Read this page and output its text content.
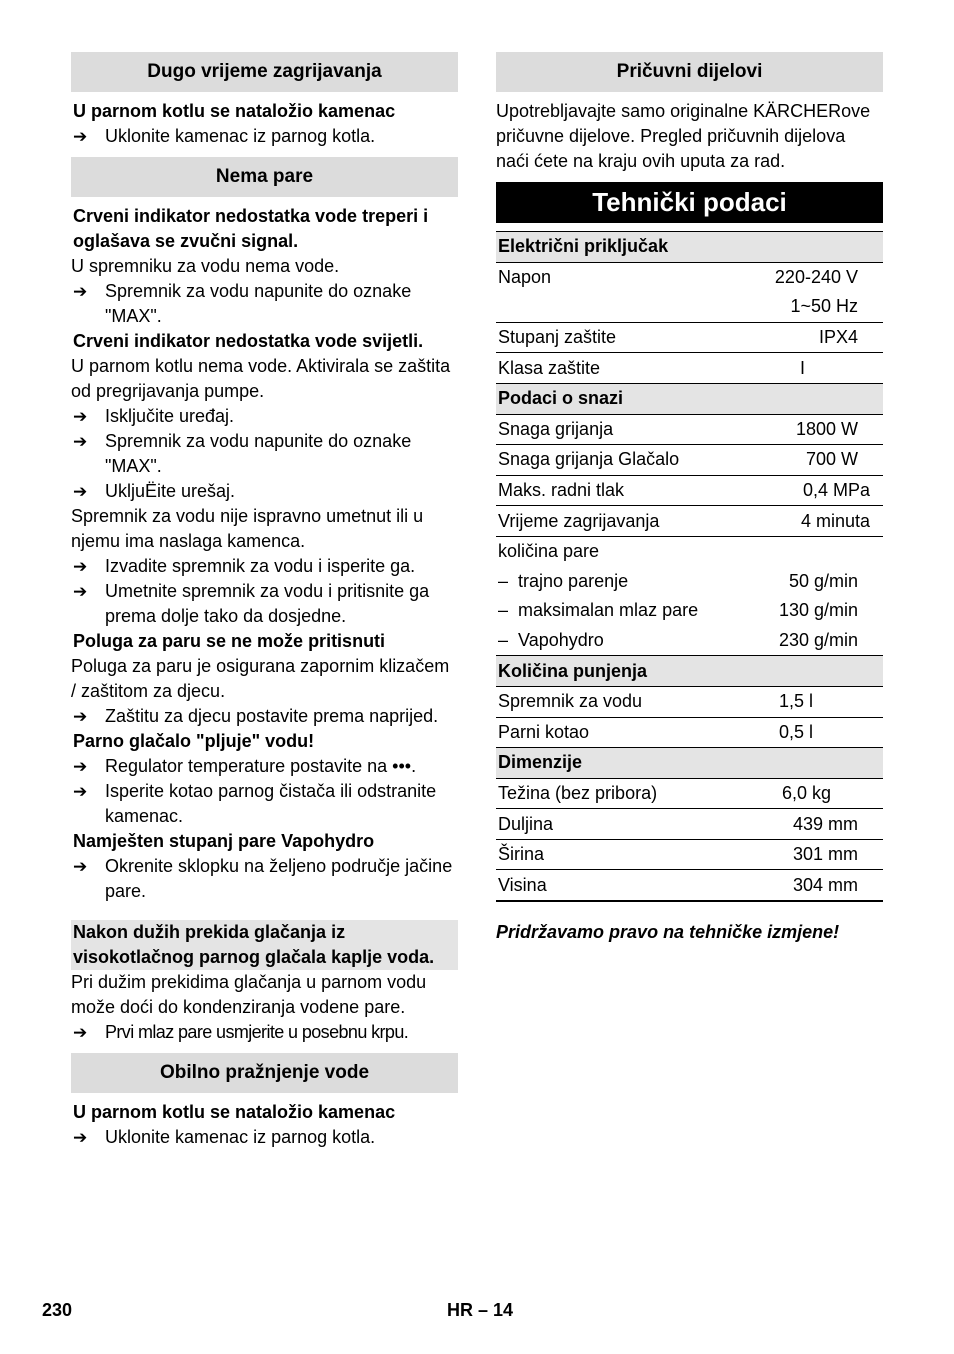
Dugo vrijeme zagrijavanja
U parnom kotlu se nataložio kamenac
➔ Uklonite kamenac iz parnog kotla.
Nema pare
Crveni indikator nedostatka vode treperi i oglašava se zvučni signal.
U spremniku za vodu nema vode.
➔ Spremnik za vodu napunite do oznake "MAX".
Crveni indikator nedostatka vode svijetli.
U parnom kotlu nema vode. Aktivirala se zaštita od pregrijavanja pumpe.
➔ Isključite uređaj.
➔ Spremnik za vodu napunite do oznake "MAX".
➔ UkljuËite urešaj.
Spremnik za vodu nije ispravno umetnut ili u njemu ima naslaga kamenca.
➔ Izvadite spremnik za vodu i isperite ga.
➔ Umetnite spremnik za vodu i pritisnite ga prema dolje tako da dosjedne.
Poluga za paru se ne može pritisnuti
Poluga za paru je osigurana zapornim klizačem / zaštitom za djecu.
➔ Zaštitu za djecu postavite prema naprijed.
Parno glačalo "pljuje" vodu!
➔ Regulator temperature postavite na •••.
➔ Isperite kotao parnog čistača ili odstranite kamenac.
Namješten stupanj pare Vapohydro
➔ Okrenite sklopku na željeno područje jačine pare.
Nakon dužih prekida glačanja iz visokotlačnog parnog glačala kaplje voda.
Pri dužim prekidima glačanja u parnom vodu može doći do kondenziranja vodene pare.
➔ Prvi mlaz pare usmjerite u posebnu krpu.
Obilno pražnjenje vode
U parnom kotlu se nataložio kamenac
➔ Uklonite kamenac iz parnog kotla.
Pričuvni dijelovi
Upotrebljavajte samo originalne KÄRCHERove pričuvne dijelove. Pregled pričuvnih dijelova naći ćete na kraju ovih uputa za rad.
Tehnički podaci
Električni priključak	
Napon	220-240 V
	1~50 Hz
Stupanj zaštite	IPX4
Klasa zaštite	I
Podaci o snazi	
Snaga grijanja	1800 W
Snaga grijanja Glačalo	700 W
Maks. radni tlak	0,4 MPa
Vrijeme zagrijavanja	4 minuta
količina pare	
– trajno parenje	50 g/min
– maksimalan mlaz pare	130 g/min
– Vapohydro	230 g/min
Količina punjenja	
Spremnik za vodu	1,5 l
Parni kotao	0,5 l
Dimenzije	
Težina (bez pribora)	6,0 kg
Duljina	439 mm
Širina	301 mm
Visina	304 mm
Pridržavamo pravo na tehničke izmjene!
230	HR – 14
